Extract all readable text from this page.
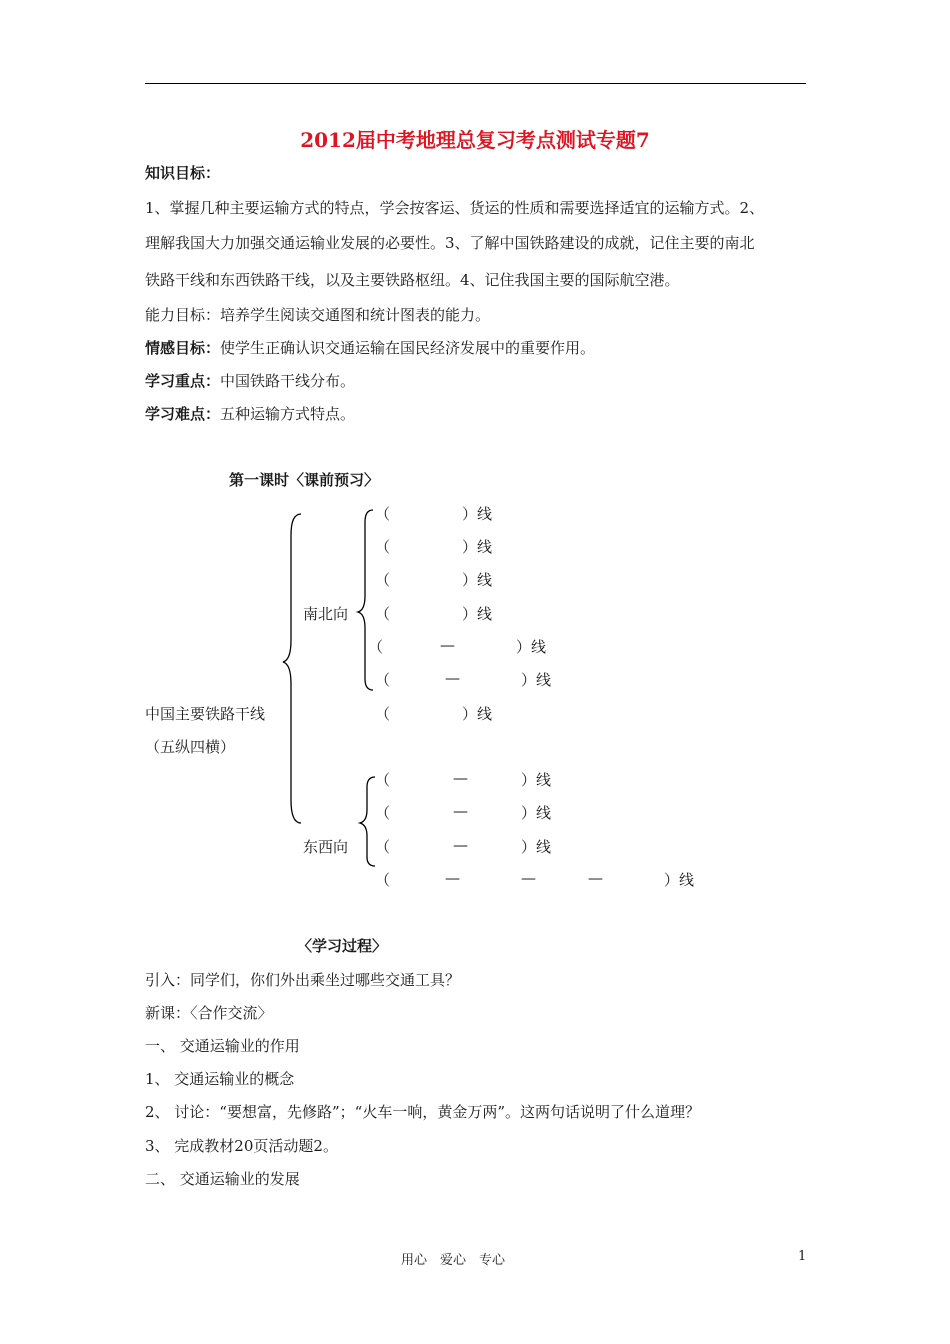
2012届中考地理总复习考点测试专题7
知识目标：
1、掌握几种主要运输方式的特点，学会按客运、货运的性质和需要选择适宜的运输方式。2、
理解我国大力加强交通运输业发展的必要性。3、了解中国铁路建设的成就，记住主要的南北
铁路干线和东西铁路干线，以及主要铁路枢纽。4、记住我国主要的国际航空港。
能力目标：培养学生阅读交通图和统计图表的能力。
情感目标：使学生正确认识交通运输在国民经济发展中的重要作用。
学习重点：中国铁路干线分布。
学习难点：五种运输方式特点。
第一课时〈课前预习〉
南北向
中国主要铁路干线
（五纵四横）
东西向
（	）线
（	）线
（	）线
（	）线
（	—	）线
（	—	）线
（	）线
（	—	）线
（	—	）线
（	—	）线
（	—	—	—	）线
〈学习过程〉
引入：同学们，你们外出乘坐过哪些交通工具？
新课：〈合作交流〉
一、 交通运输业的作用
1、 交通运输业的概念
2、 讨论：“要想富，先修路”；“火车一响，黄金万两”。这两句话说明了什么道理？
3、 完成教材20页活动题2。
二、 交通运输业的发展
用心　爱心　专心	1
